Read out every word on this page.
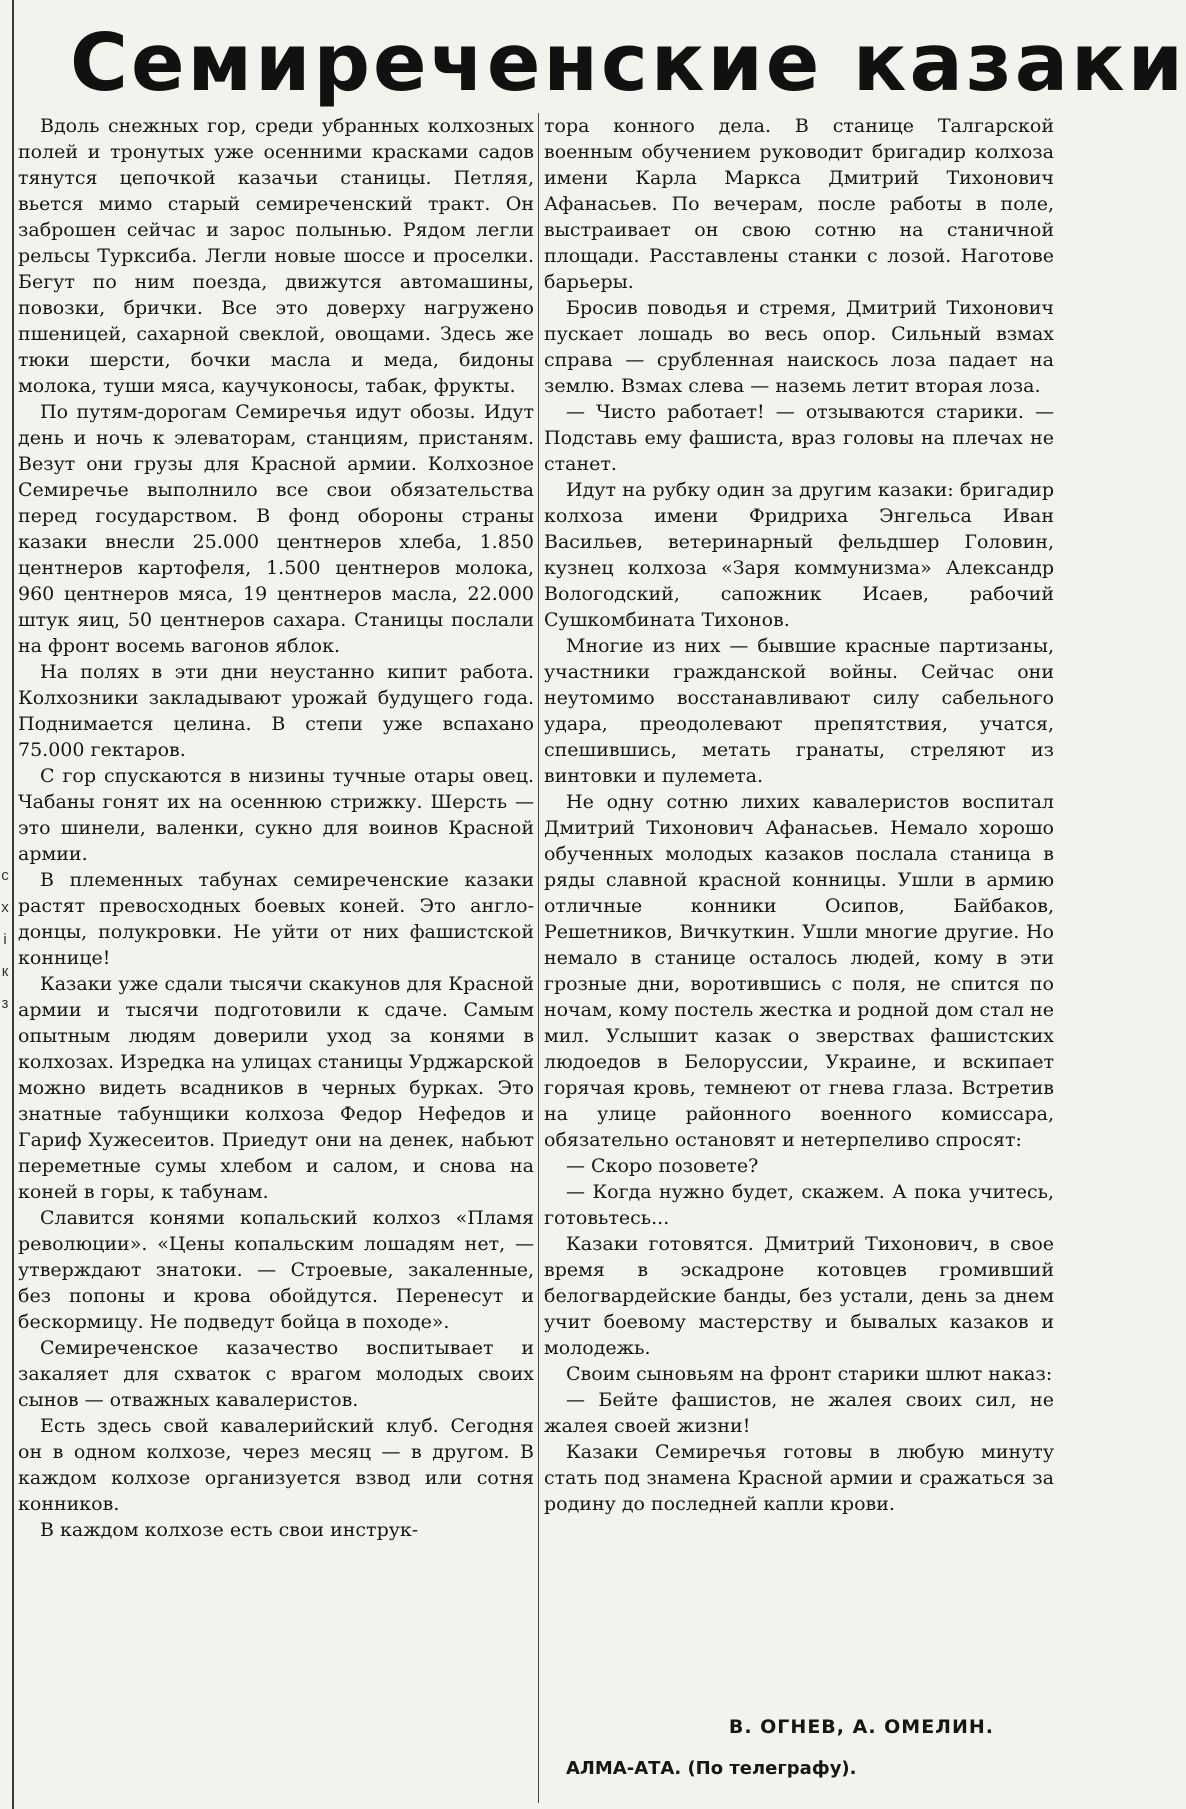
с
х
і
к
з
Семиреченские казаки

Вдоль снежных гор, среди убранных колхозных полей и тронутых уже осенними красками садов тянутся цепочкой казачьи станицы. Петляя, вьется мимо старый семиреченский тракт. Он заброшен сейчас и зарос полынью. Рядом легли рельсы Турксиба. Легли новые шоссе и проселки. Бегут по ним поезда, движутся автомашины, повозки, брички. Все это доверху нагружено пшеницей, сахарной свеклой, овощами. Здесь же тюки шерсти, бочки масла и меда, бидоны молока, туши мяса, каучуконосы, табак, фрукты.

По путям-дорогам Семиречья идут обозы. Идут день и ночь к элеваторам, станциям, пристаням. Везут они грузы для Красной армии. Колхозное Семиречье выполнило все свои обязательства перед государством. В фонд обороны страны казаки внесли 25.000 центнеров хлеба, 1.850 центнеров картофеля, 1.500 центнеров молока, 960 центнеров мяса, 19 центнеров масла, 22.000 штук яиц, 50 центнеров сахара. Станицы послали на фронт восемь вагонов яблок.

На полях в эти дни неустанно кипит работа. Колхозники закладывают урожай будущего года. Поднимается целина. В степи уже вспахано 75.000 гектаров.

С гор спускаются в низины тучные отары овец. Чабаны гонят их на осеннюю стрижку. Шерсть — это шинели, валенки, сукно для воинов Красной армии.

В племенных табунах семиреченские казаки растят превосходных боевых коней. Это англо-донцы, полукровки. Не уйти от них фашистской коннице!

Казаки уже сдали тысячи скакунов для Красной армии и тысячи подготовили к сдаче. Самым опытным людям доверили уход за конями в колхозах. Изредка на улицах станицы Урджарской можно видеть всадников в черных бурках. Это знатные табунщики колхоза Федор Нефедов и Гариф Хужесеитов. Приедут они на денек, набьют переметные сумы хлебом и салом, и снова на коней в горы, к табунам.

Славится конями копальский колхоз «Пламя революции». «Цены копальским лошадям нет, — утверждают знатоки. — Строевые, закаленные, без попоны и крова обойдутся. Перенесут и бескормицу. Не подведут бойца в походе».

Семиреченское казачество воспитывает и закаляет для схваток с врагом молодых своих сынов — отважных кавалеристов.

Есть здесь свой кавалерийский клуб. Сегодня он в одном колхозе, через месяц — в другом. В каждом колхозе организуется взвод или сотня конников.

В каждом колхозе есть свои инструк-

тора конного дела. В станице Талгарской военным обучением руководит бригадир колхоза имени Карла Маркса Дмитрий Тихонович Афанасьев. По вечерам, после работы в поле, выстраивает он свою сотню на станичной площади. Расставлены станки с лозой. Наготове барьеры.

Бросив поводья и стремя, Дмитрий Тихонович пускает лошадь во весь опор. Сильный взмах справа — срубленная наискось лоза падает на землю. Взмах слева — наземь летит вторая лоза.

— Чисто работает! — отзываются старики. — Подставь ему фашиста, враз головы на плечах не станет.

Идут на рубку один за другим казаки: бригадир колхоза имени Фридриха Энгельса Иван Васильев, ветеринарный фельдшер Головин, кузнец колхоза «Заря коммунизма» Александр Вологодский, сапожник Исаев, рабочий Сушкомбината Тихонов.

Многие из них — бывшие красные партизаны, участники гражданской войны. Сейчас они неутомимо восстанавливают силу сабельного удара, преодолевают препятствия, учатся, спешившись, метать гранаты, стреляют из винтовки и пулемета.

Не одну сотню лихих кавалеристов воспитал Дмитрий Тихонович Афанасьев. Немало хорошо обученных молодых казаков послала станица в ряды славной красной конницы. Ушли в армию отличные конники Осипов, Байбаков, Решетников, Вичкуткин. Ушли многие другие. Но немало в станице осталось людей, кому в эти грозные дни, воротившись с поля, не спится по ночам, кому постель жестка и родной дом стал не мил. Услышит казак о зверствах фашистских людоедов в Белоруссии, Украине, и вскипает горячая кровь, темнеют от гнева глаза. Встретив на улице районного военного комиссара, обязательно остановят и нетерпеливо спросят:

— Скоро позовете?

— Когда нужно будет, скажем. А пока учитесь, готовьтесь...

Казаки готовятся. Дмитрий Тихонович, в свое время в эскадроне котовцев громивший белогвардейские банды, без устали, день за днем учит боевому мастерству и бывалых казаков и молодежь.

Своим сыновьям на фронт старики шлют наказ:

— Бейте фашистов, не жалея своих сил, не жалея своей жизни!

Казаки Семиречья готовы в любую минуту стать под знамена Красной армии и сражаться за родину до последней капли крови.

В. ОГНЕВ, А. ОМЕЛИН.
АЛМА-АТА. (По телеграфу).
